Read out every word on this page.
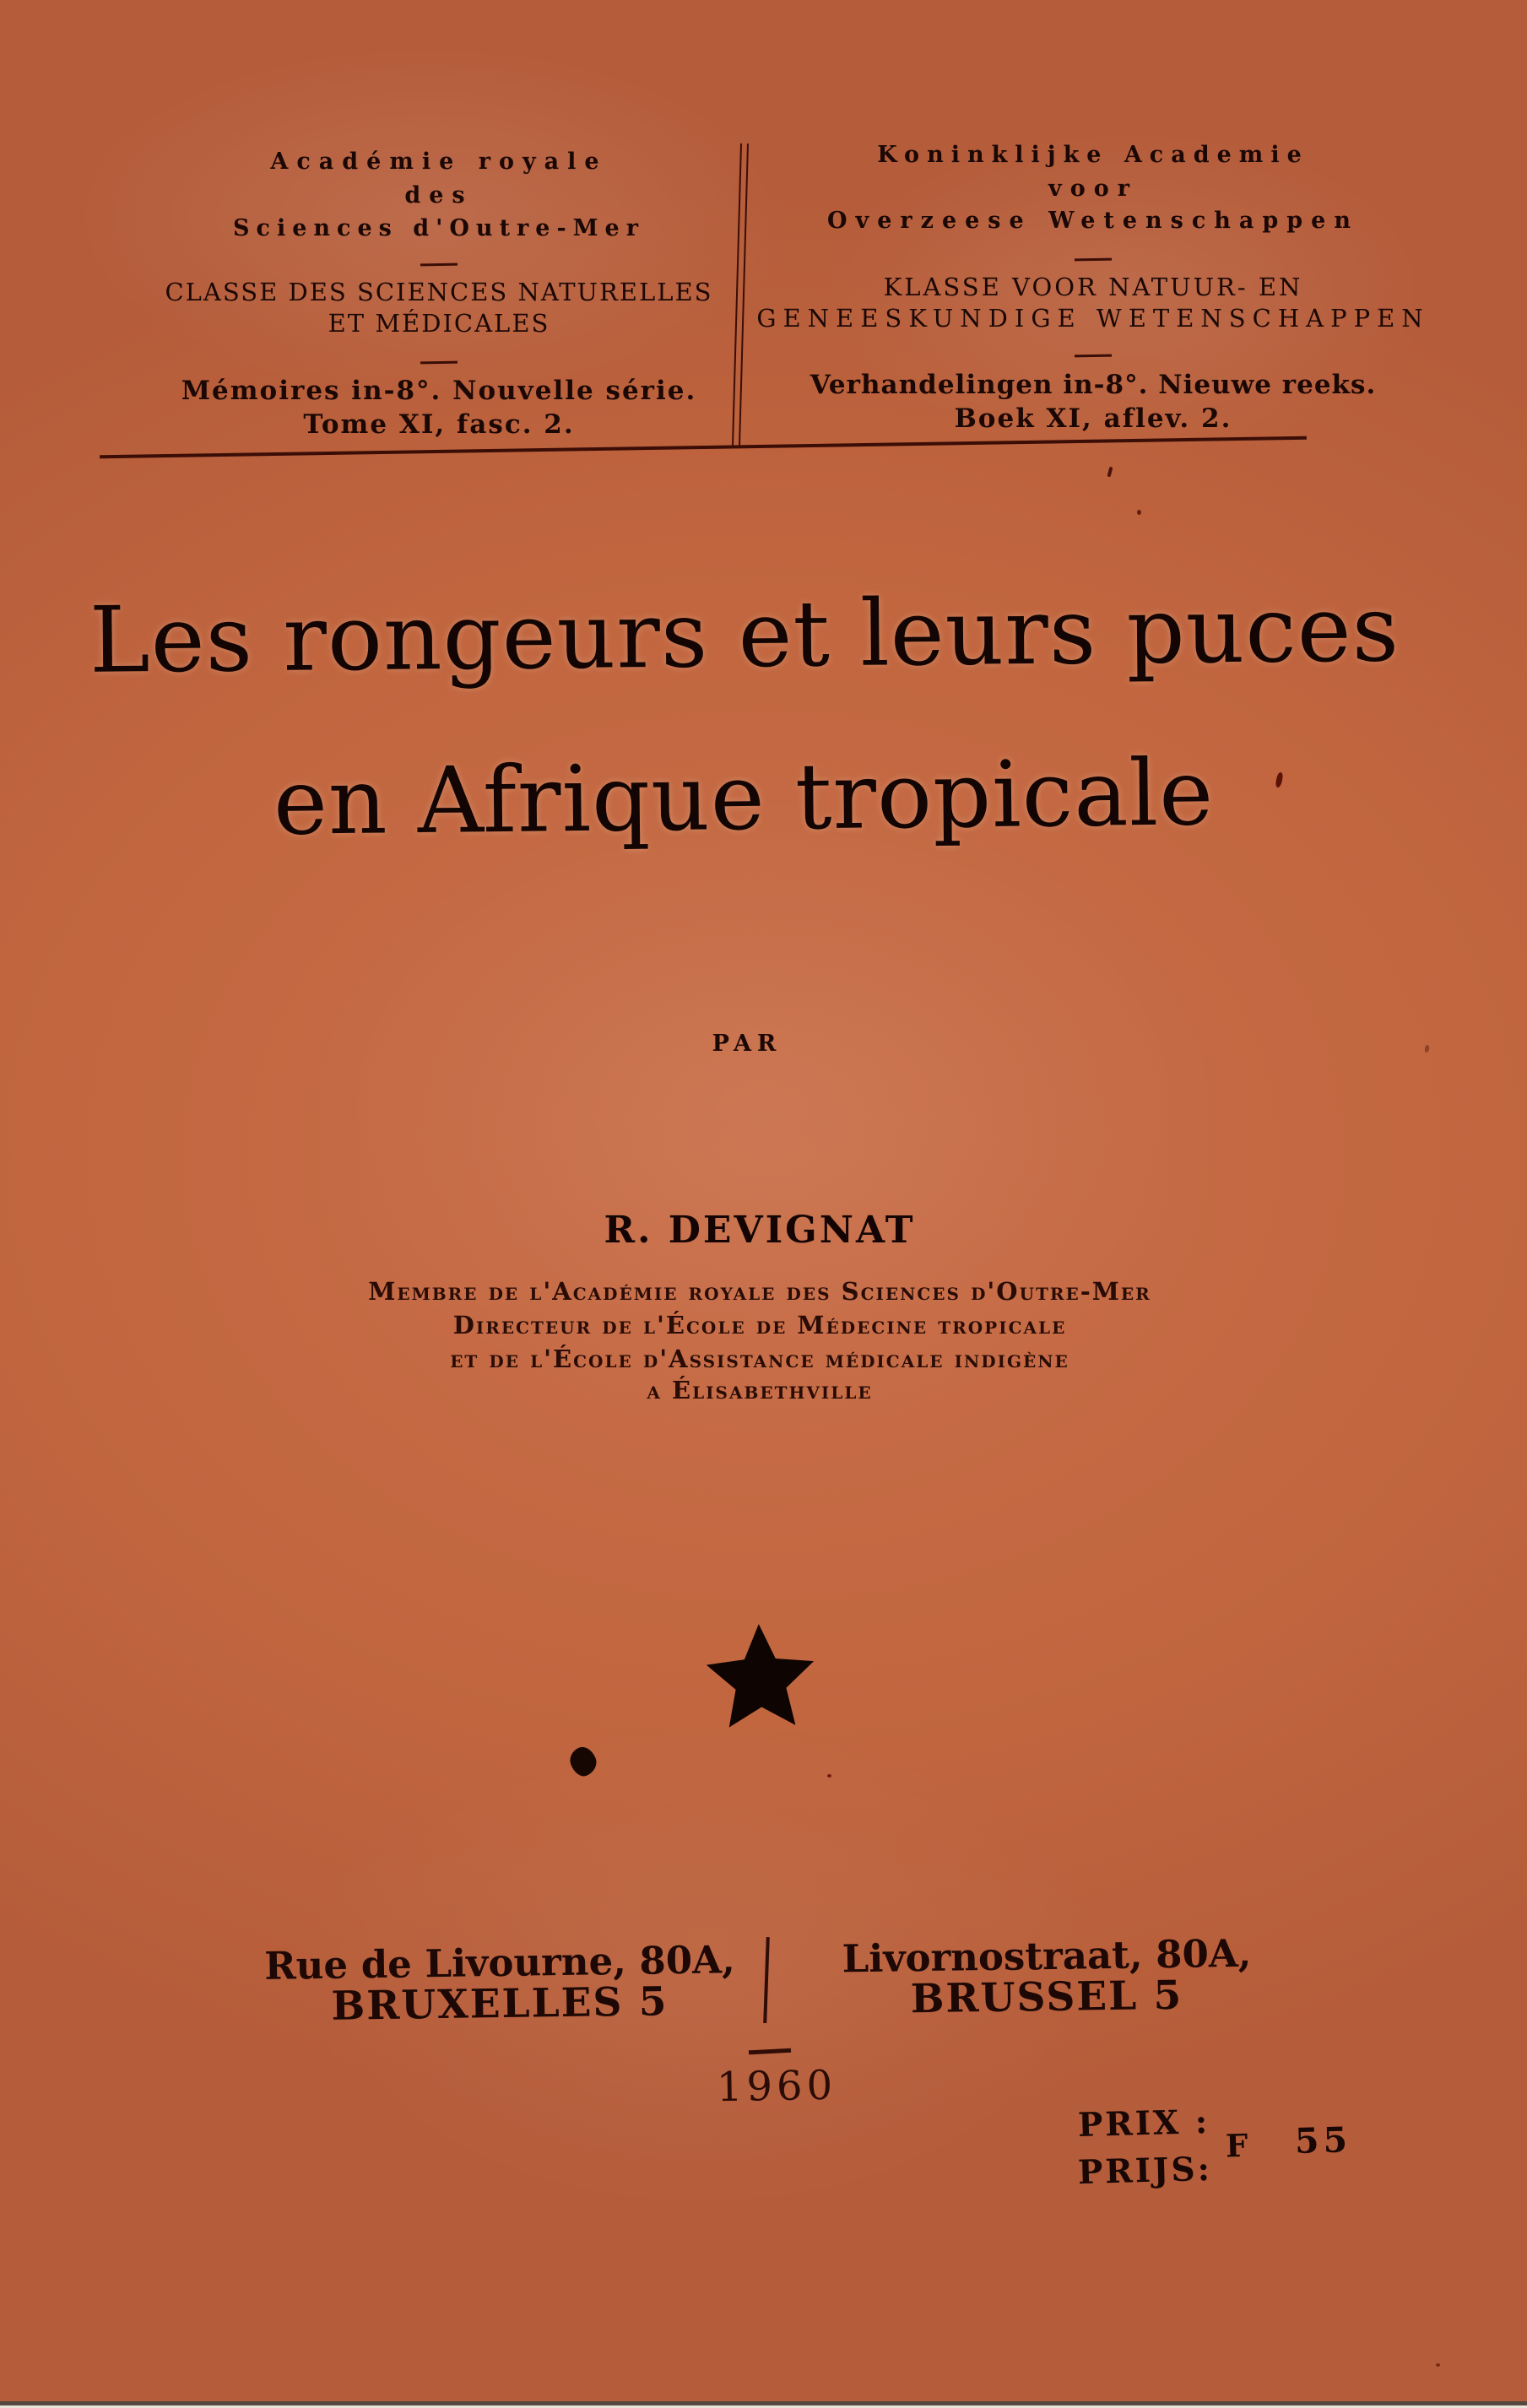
Académie royale
des
Sciences d'Outre-Mer
CLASSE DES SCIENCES NATURELLES
ET MÉDICALES
Mémoires in-8°. Nouvelle série.
Tome XI, fasc. 2.
Koninklijke Academie
voor
Overzeese Wetenschappen
KLASSE VOOR NATUUR- EN
GENEESKUNDIGE WETENSCHAPPEN
Verhandelingen in-8°. Nieuwe reeks.
Boek XI, aflev. 2.
Les rongeurs et leurs puces
en Afrique tropicale
PAR
R. DEVIGNAT
Membre de l'Académie royale des Sciences d'Outre-Mer
Directeur de l'École de Médecine tropicale
et de l'École d'Assistance médicale indigène
a Élisabethville
Rue de Livourne, 80A,
BRUXELLES 5
Livornostraat, 80A,
BRUSSEL 5
1960
PRIX :
PRIJS:
F 55
